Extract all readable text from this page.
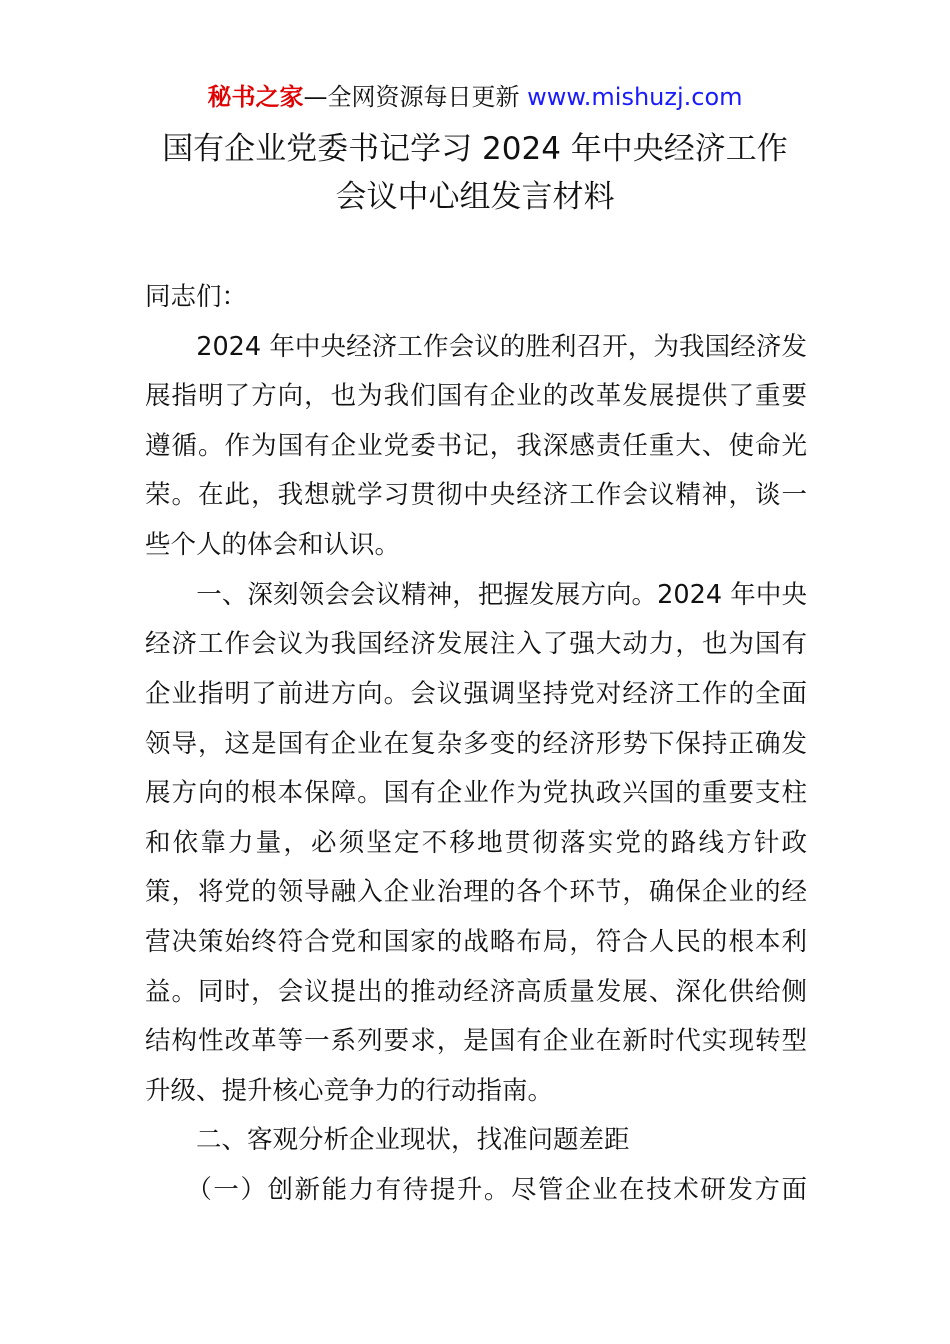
秘书之家—全网资源每日更新 www.mishuzj.com
国有企业党委书记学习 2024 年中央经济工作
会议中心组发言材料
同志们：
　　2024 年中央经济工作会议的胜利召开，为我国经济发
展指明了方向，也为我们国有企业的改革发展提供了重要
遵循。作为国有企业党委书记，我深感责任重大、使命光
荣。在此，我想就学习贯彻中央经济工作会议精神，谈一
些个人的体会和认识。
　　一、深刻领会会议精神，把握发展方向。2024 年中央
经济工作会议为我国经济发展注入了强大动力，也为国有
企业指明了前进方向。会议强调坚持党对经济工作的全面
领导，这是国有企业在复杂多变的经济形势下保持正确发
展方向的根本保障。国有企业作为党执政兴国的重要支柱
和依靠力量，必须坚定不移地贯彻落实党的路线方针政
策，将党的领导融入企业治理的各个环节，确保企业的经
营决策始终符合党和国家的战略布局，符合人民的根本利
益。同时，会议提出的推动经济高质量发展、深化供给侧
结构性改革等一系列要求，是国有企业在新时代实现转型
升级、提升核心竞争力的行动指南。
　　二、客观分析企业现状，找准问题差距
　　（一）创新能力有待提升。尽管企业在技术研发方面
